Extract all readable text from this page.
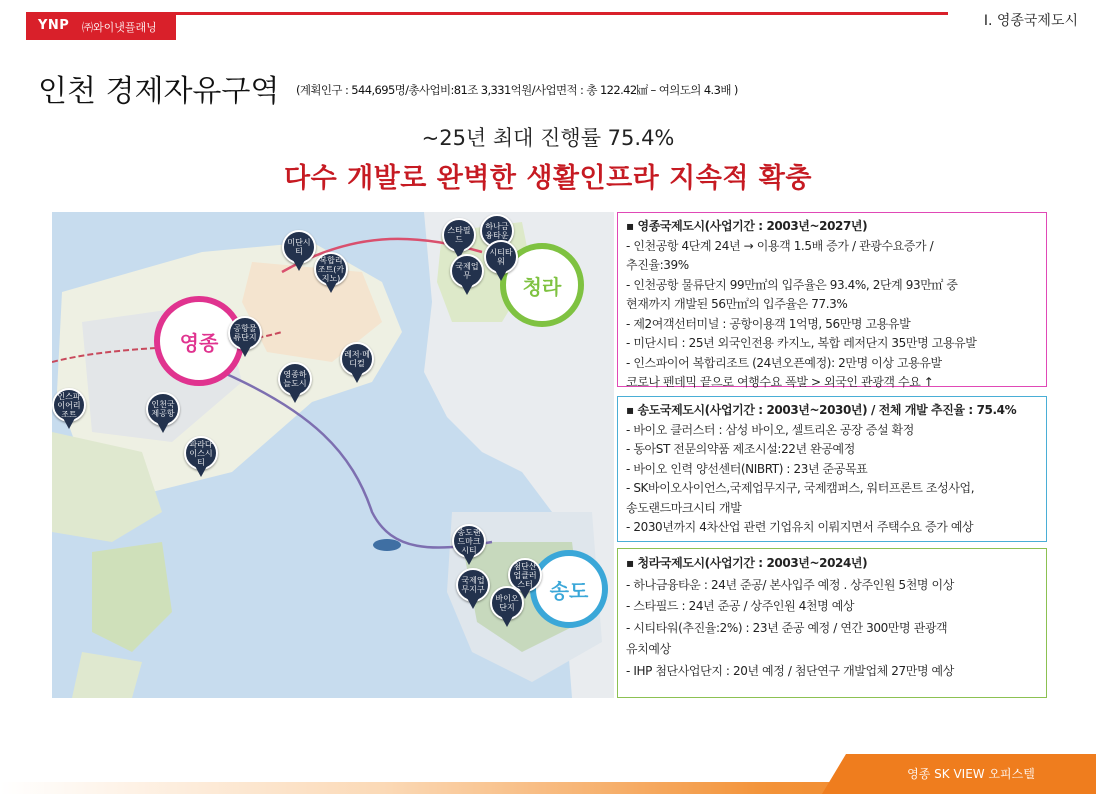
YNP ㈜와이냇플래닝	Ⅰ. 영종국제도시
인천 경제자유구역 (계획인구 : 544,695명/총사업비:81조 3,331억원/사업면적 : 총 122.42㎢ – 여의도의 4.3배 )
~25년 최대 진행률 75.4%
다수 개발로 완벽한 생활인프라 지속적 확충
영종
청라
송도
미단시티
복합리조트(카지노)
공항물류단지
영종하늘도시
파라다이스시티
인천국제공항
인스파이어리조트
레저·메디컬
스타필드
하나금융타운
시티타워
국제업무
송도랜드마크시티
첨단산업클러스터
국제업무지구
바이오단지
▪ 영종국제도시(사업기간 : 2003년~2027년)
- 인천공항 4단계 24년 → 이용객 1.5배 증가 / 관광수요증가 /
추진율:39%
- 인천공항 물류단지 99만㎡의 입주율은 93.4%, 2단계 93만㎡ 중
현재까지 개발된 56만㎡의 입주율은 77.3%
- 제2여객선터미널 : 공항이용객 1억명, 56만명 고용유발
- 미단시티 : 25년 외국인전용 카지노, 복합 레저단지 35만명 고용유발
- 인스파이어 복합리조트 (24년오픈예정): 2만명 이상 고용유발
코로나 펜데믹 끝으로 여행수요 폭발 > 외국인 관광객 수요 ↑
▪ 송도국제도시(사업기간 : 2003년~2030년) / 전체 개발 추진율 : 75.4%
- 바이오 클러스터 : 삼성 바이오, 셀트리온 공장 증설 확정
- 동아ST 전문의약품 제조시설:22년 완공예정
- 바이오 인력 양선센터(NIBRT) : 23년 준공목표
- SK바이오사이언스,국제업무지구, 국제캠퍼스, 워터프론트 조성사업,
송도랜드마크시티 개발
- 2030년까지 4차산업 관련 기업유치 이뤄지면서 주택수요 증가 예상
▪ 청라국제도시(사업기간 : 2003년~2024년)
- 하나금융타운 : 24년 준공/ 본사입주 예정 . 상주인원 5천명 이상
- 스타필드 : 24년 준공 / 상주인원 4천명 예상
- 시티타워(추진율:2%) : 23년 준공 예정 / 연간 300만명 관광객
유치예상
- IHP 첨단사업단지 : 20년 예정 / 첨단연구 개발업체 27만명 예상
영종 SK VIEW 오피스텔
